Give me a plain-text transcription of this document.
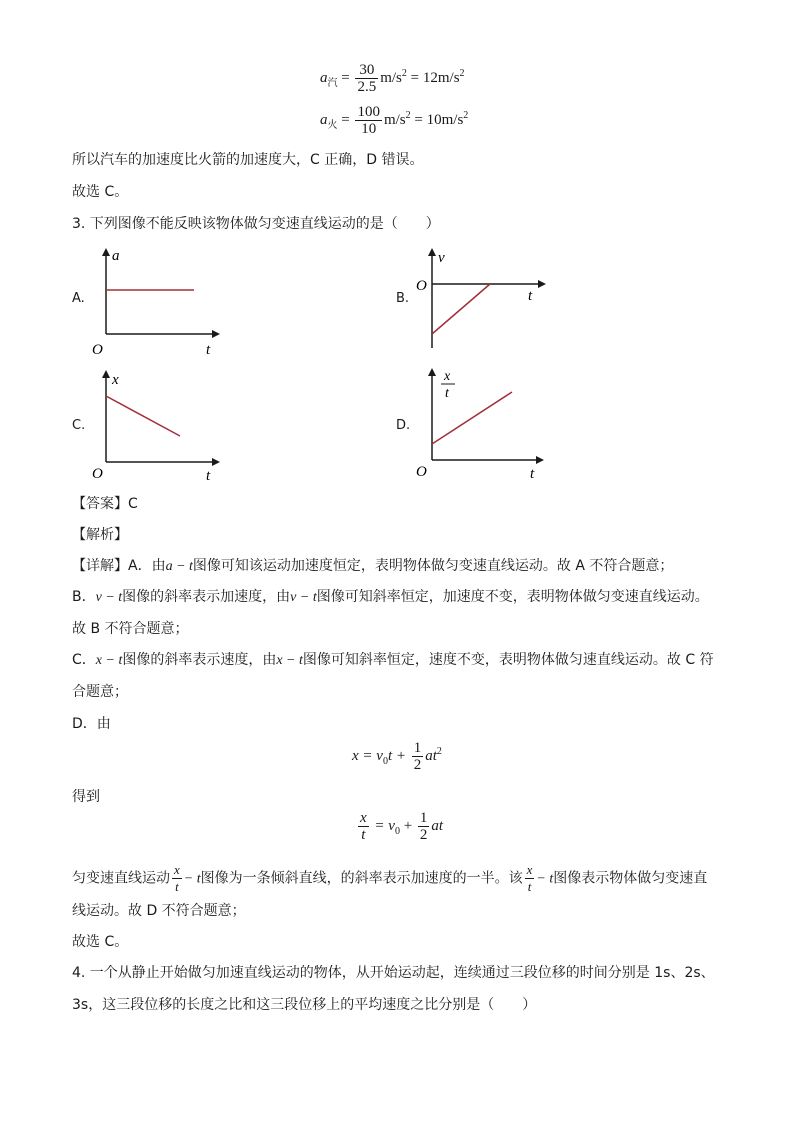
$a_汽 = \frac{30}{2.5} m/s^2 = 12m/s^2$
$a_火 = \frac{100}{10} m/s^2 = 10m/s^2$
所以汽车的加速度比火箭的加速度大，C 正确，D 错误。
故选 C。
3. 下列图像不能反映该物体做匀变速直线运动的是（　　）
A.
a
t
O
B.
v
t
O
C.
x
t
O
D.
x
t
t
O
【答案】C
【解析】
【详解】A．由a − t图像可知该运动加速度恒定，表明物体做匀变速直线运动。故 A 不符合题意；
B．v − t图像的斜率表示加速度，由v − t图像可知斜率恒定，加速度不变，表明物体做匀变速直线运动。
故 B 不符合题意；
C．x − t图像的斜率表示速度，由x − t图像可知斜率恒定，速度不变，表明物体做匀速直线运动。故 C 符
合题意；
D．由
$x = v_0t + \frac{1}{2} at^2$
得到
$\frac{x}{t} = v_0 + \frac{1}{2}$ at
匀变速直线运动 $\frac{x}{t} - t$图像为一条倾斜直线，的斜率表示加速度的一半。该 $\frac{x}{t} - t$图像表示物体做匀变速直
线运动。故 D 不符合题意；
故选 C。
4. 一个从静止开始做匀加速直线运动的物体，从开始运动起，连续通过三段位移的时间分别是 1s、2s、
3s，这三段位移的长度之比和这三段位移上的平均速度之比分别是（　　）
